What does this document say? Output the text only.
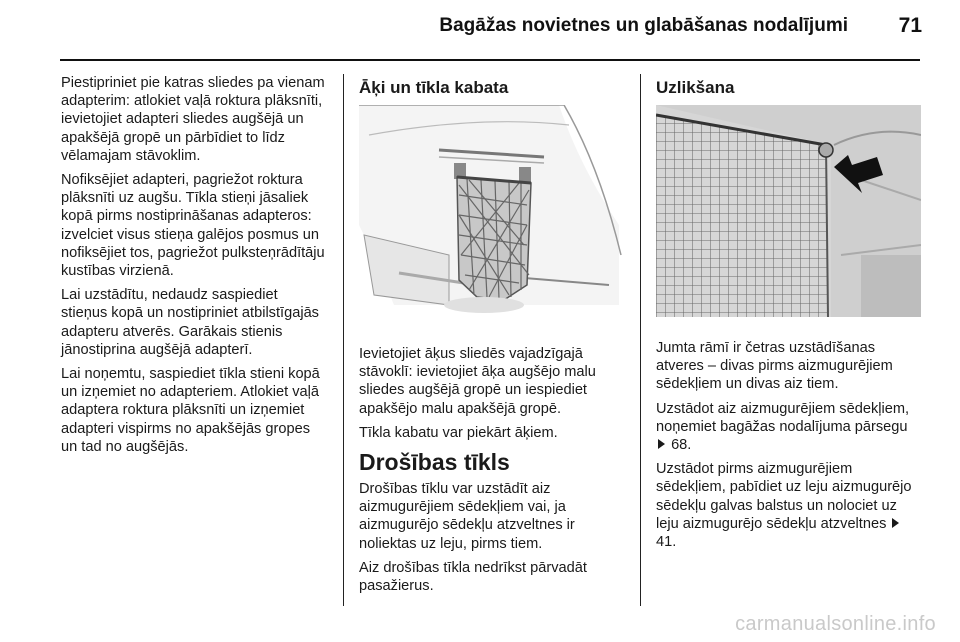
Bagāžas novietnes un glabāšanas nodalījumi 71

Piestipriniet pie katras sliedes pa vienam adapterim: atlokiet vaļā roktura plāksnīti, ievietojiet adapteri sliedes augšējā un apakšējā gropē un pārbīdiet to līdz vēlamajam stāvoklim.

Nofiksējiet adapteri, pagriežot roktura plāksnīti uz augšu. Tīkla stieņi jāsaliek kopā pirms nostiprināšanas adapteros: izvelciet visus stieņa galējos posmus un nofiksējiet tos, pagriežot pulksteņrādītāju kustības virzienā.

Lai uzstādītu, nedaudz saspiediet stieņus kopā un nostipriniet atbilstīgajās adapteru atverēs. Garākais stienis jānostiprina augšējā adapterī.

Lai noņemtu, saspiediet tīkla stieni kopā un izņemiet no adapteriem. Atlokiet vaļā adaptera roktura plāksnīti un izņemiet adapteri vispirms no apakšējās gropes un tad no augšējās.

Āķi un tīkla kabata

Ievietojiet āķus sliedēs vajadzīgajā stāvoklī: ievietojiet āķa augšējo malu sliedes augšējā gropē un iespiediet apakšējo malu apakšējā gropē.

Tīkla kabatu var piekārt āķiem.

Drošības tīkls

Drošības tīklu var uzstādīt aiz aizmugurējiem sēdekļiem vai, ja aizmugurējo sēdekļu atzveltnes ir noliektas uz leju, pirms tiem.

Aiz drošības tīkla nedrīkst pārvadāt pasažierus.

Uzlikšana

Jumta rāmī ir četras uzstādīšanas atveres – divas pirms aizmugurējiem sēdekļiem un divas aiz tiem.

Uzstādot aiz aizmugurējiem sēdekļiem, noņemiet bagāžas nodalījuma pārsegu  68.

Uzstādot pirms aizmugurējiem sēdekļiem, pabīdiet uz leju aizmugurējo sēdekļu galvas balstus un nolociet uz leju aizmugurējo sēdekļu atzveltnes  41.

carmanualsonline.info
